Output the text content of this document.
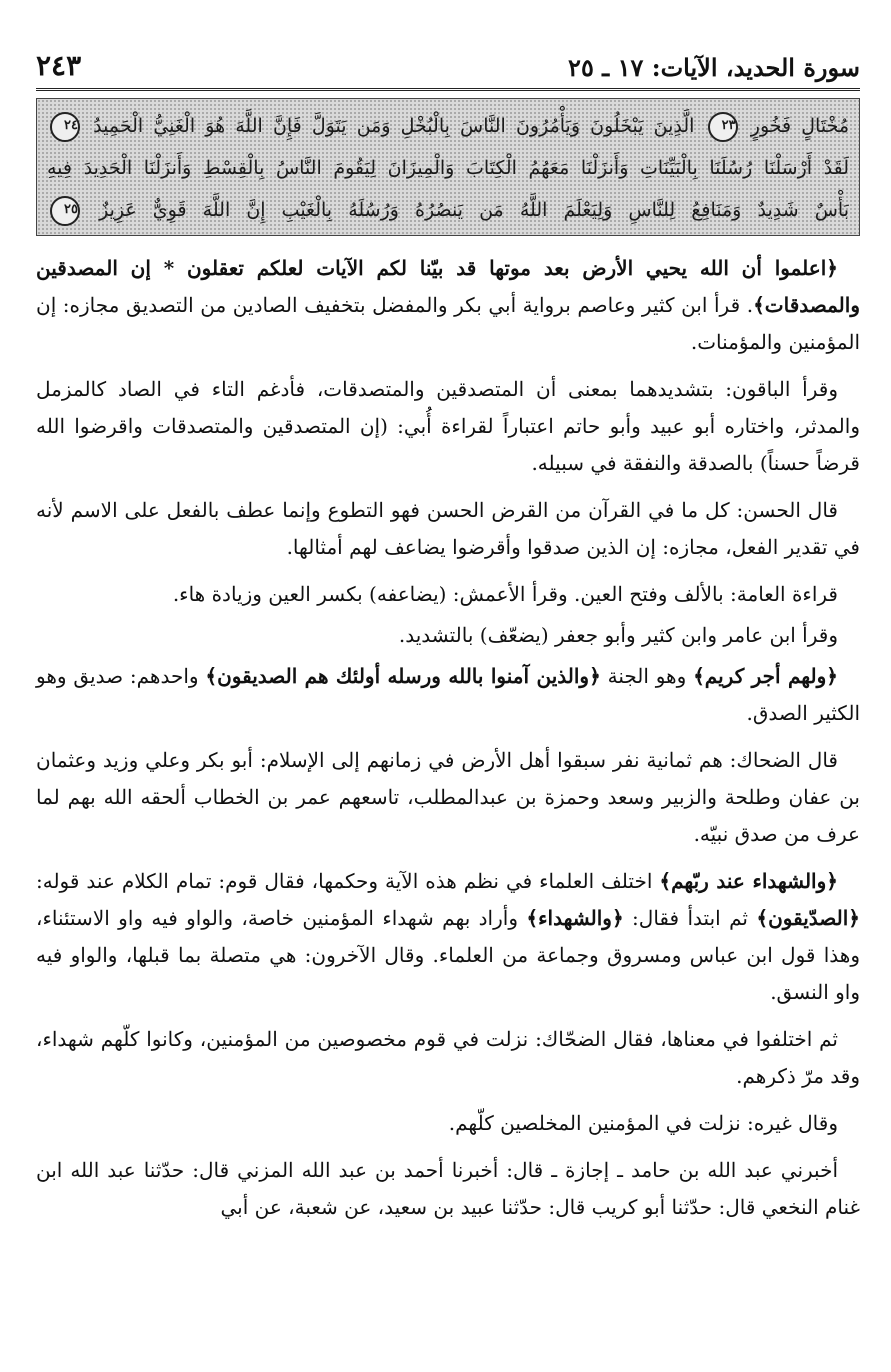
سورة الحديد، الآيات: ١٧ ـ ٢٥
٢٤٣
مُخْتَالٍ فَخُورٍ ٢٣ الَّذِينَ يَبْخَلُونَ وَيَأْمُرُونَ النَّاسَ بِالْبُخْلِ وَمَن يَتَوَلَّ فَإِنَّ اللَّهَ هُوَ الْغَنِيُّ الْحَمِيدُ ٢٤
لَقَدْ أَرْسَلْنَا رُسُلَنَا بِالْبَيِّنَاتِ وَأَنزَلْنَا مَعَهُمُ الْكِتَابَ وَالْمِيزَانَ لِيَقُومَ النَّاسُ بِالْقِسْطِ وَأَنزَلْنَا الْحَدِيدَ فِيهِ
بَأْسٌ شَدِيدٌ وَمَنَافِعُ لِلنَّاسِ وَلِيَعْلَمَ اللَّهُ مَن يَنصُرُهُ وَرُسُلَهُ بِالْغَيْبِ إِنَّ اللَّهَ قَوِيٌّ عَزِيزٌ ٢٥

﴿اعلموا أن الله يحيي الأرض بعد موتها قد بيّنا لكم الآيات لعلكم تعقلون * إن المصدقين والمصدقات﴾. قرأ ابن كثير وعاصم برواية أبي بكر والمفضل بتخفيف الصادين من التصديق مجازه: إن المؤمنين والمؤمنات.

وقرأ الباقون: بتشديدهما بمعنى أن المتصدقين والمتصدقات، فأدغم التاء في الصاد كالمزمل والمدثر، واختاره أبو عبيد وأبو حاتم اعتباراً لقراءة أُبي: (إن المتصدقين والمتصدقات واقرضوا الله قرضاً حسناً) بالصدقة والنفقة في سبيله.

قال الحسن: كل ما في القرآن من القرض الحسن فهو التطوع وإنما عطف بالفعل على الاسم لأنه في تقدير الفعل، مجازه: إن الذين صدقوا وأقرضوا يضاعف لهم أمثالها.

قراءة العامة: بالألف وفتح العين. وقرأ الأعمش: (يضاعفه) بكسر العين وزيادة هاء.

وقرأ ابن عامر وابن كثير وأبو جعفر (يضعّف) بالتشديد.

﴿ولهم أجر كريم﴾ وهو الجنة ﴿والذين آمنوا بالله ورسله أولئك هم الصديقون﴾ واحدهم: صديق وهو الكثير الصدق.

قال الضحاك: هم ثمانية نفر سبقوا أهل الأرض في زمانهم إلى الإسلام: أبو بكر وعلي وزيد وعثمان بن عفان وطلحة والزبير وسعد وحمزة بن عبدالمطلب، تاسعهم عمر بن الخطاب ألحقه الله بهم لما عرف من صدق نبيّه.

﴿والشهداء عند ربّهم﴾ اختلف العلماء في نظم هذه الآية وحكمها، فقال قوم: تمام الكلام عند قوله: ﴿الصدّيقون﴾ ثم ابتدأ فقال: ﴿والشهداء﴾ وأراد بهم شهداء المؤمنين خاصة، والواو فيه واو الاستئناء، وهذا قول ابن عباس ومسروق وجماعة من العلماء. وقال الآخرون: هي متصلة بما قبلها، والواو فيه واو النسق.

ثم اختلفوا في معناها، فقال الضحّاك: نزلت في قوم مخصوصين من المؤمنين، وكانوا كلّهم شهداء، وقد مرّ ذكرهم.

وقال غيره: نزلت في المؤمنين المخلصين كلّهم.

أخبرني عبد الله بن حامد ـ إجازة ـ قال: أخبرنا أحمد بن عبد الله المزني قال: حدّثنا عبد الله ابن غنام النخعي قال: حدّثنا أبو كريب قال: حدّثنا عبيد بن سعيد، عن شعبة، عن أبي
